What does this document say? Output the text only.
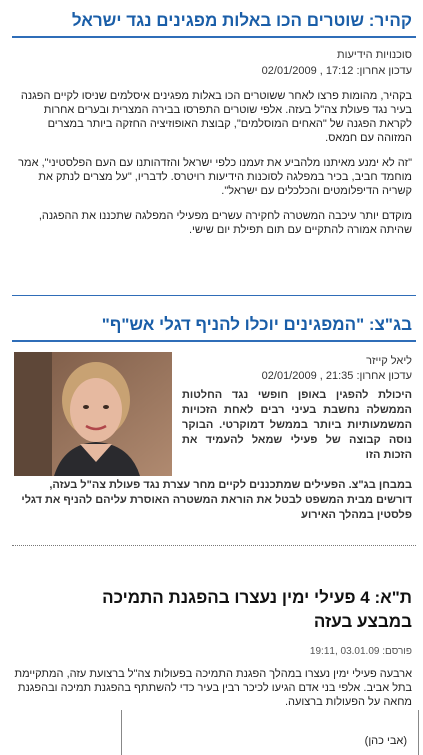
קהיר: שוטרים הכו באלות מפגינים נגד ישראל
סוכנויות הידיעות
עדכון אחרון: 17:12 , 02/01/2009

בקהיר, מהומות פרצו לאחר ששוטרים הכו באלות מפגינים איסלמים שניסו לקיים הפגנה בעיר נגד פעולת צה"ל בעזה. אלפי שוטרים התפרסו בבירה המצרית ובערים אחרות לקראת הפגנה של "האחים המוסלמים", קבוצת האופוזיציה החזקה ביותר במצרים המזוהה עם חמאס.

"זה לא ימנע מאיתנו מלהביע את זעמנו כלפי ישראל והזדהותנו עם העם הפלסטיני", אמר מוחמד חביב, בכיר במפלגה לסוכנות הידיעות רויטרס. לדבריו, "על מצרים לנתק את קשריה הדיפלומטים והכלכלים עם ישראל".

מוקדם יותר עיכבה המשטרה לחקירה עשרים מפעילי המפלגה שתכננו את ההפגנה, שהיתה אמורה להתקיים עם תום תפילת יום שישי.

בג"צ: "המפגינים יוכלו להניף דגלי אש"ף"
ליאל קייזר
עדכון אחרון: 21:35 , 02/01/2009
היכולת להפגין באופן חופשי נגד החלטות הממשלה נחשבת בעיני רבים לאחת הזכויות המשמעותיות ביותר בממשל דמוקרטי. הבוקר נוסה קבוצה של פעילי שמאל להעמיד את הזכות הזו
במבחן בג"צ. הפעילים שמתכננים לקיים מחר עצרת נגד פעולת צה"ל בעזה, דורשים מבית המשפט לבטל את הוראת המשטרה האוסרת עליהם להניף את דגלי פלסטין במהלך האירוע
ת"א: 4 פעילי ימין נעצרו בהפגנת התמיכה
במבצע בעזה
פורסם: 03.01.09 ,19:11
ארבעה פעילי ימין נעצרו במהלך הפגנת התמיכה בפעולות צה"ל ברצועת עזה, המתקיימת בתל אביב. אלפי בני אדם הגיעו לכיכר רבין בעיר כדי להשתתף בהפגנת תמיכה ובהפגנת מחאה על הפעולות ברצועה.
(אבי כהן)
